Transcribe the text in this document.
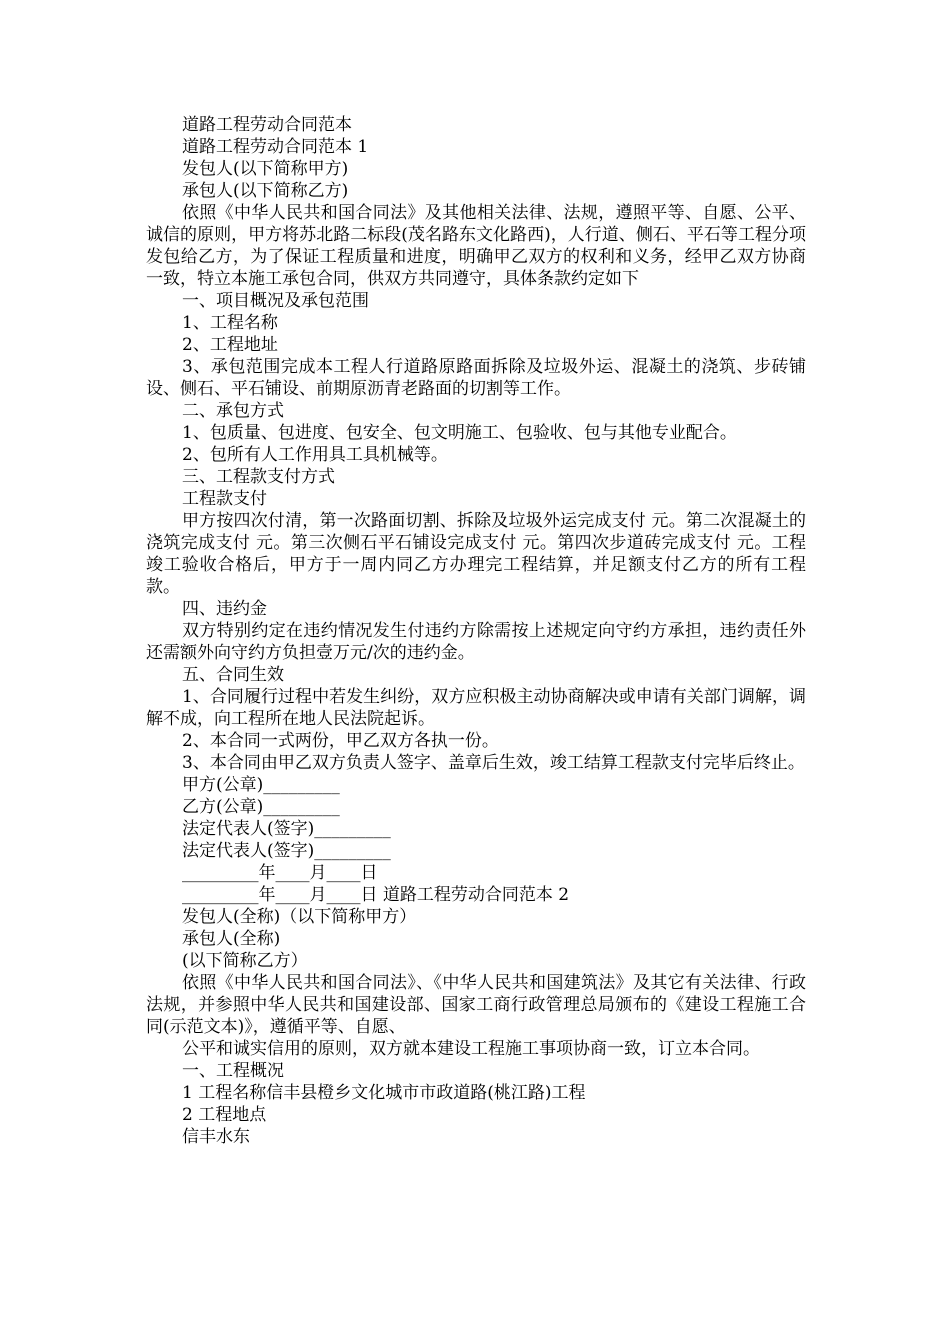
道路工程劳动合同范本

道路工程劳动合同范本 1

发包人(以下简称甲方)

承包人(以下简称乙方)

依照《中华人民共和国合同法》及其他相关法律、法规，遵照平等、自愿、公平、诚信的原则，甲方将苏北路二标段(茂名路东文化路西)，人行道、侧石、平石等工程分项发包给乙方，为了保证工程质量和进度，明确甲乙双方的权利和义务，经甲乙双方协商一致，特立本施工承包合同，供双方共同遵守，具体条款约定如下

一、项目概况及承包范围

1、工程名称

2、工程地址

3、承包范围完成本工程人行道路原路面拆除及垃圾外运、混凝土的浇筑、步砖铺设、侧石、平石铺设、前期原沥青老路面的切割等工作。

二、承包方式

1、包质量、包进度、包安全、包文明施工、包验收、包与其他专业配合。

2、包所有人工作用具工具机械等。

三、工程款支付方式

工程款支付

甲方按四次付清，第一次路面切割、拆除及垃圾外运完成支付 元。第二次混凝土的浇筑完成支付 元。第三次侧石平石铺设完成支付 元。第四次步道砖完成支付 元。工程竣工验收合格后，甲方于一周内同乙方办理完工程结算，并足额支付乙方的所有工程款。

四、违约金

双方特别约定在违约情况发生付违约方除需按上述规定向守约方承担，违约责任外还需额外向守约方负担壹万元/次的违约金。

五、合同生效

1、合同履行过程中若发生纠纷，双方应积极主动协商解决或申请有关部门调解，调解不成，向工程所在地人民法院起诉。

2、本合同一式两份，甲乙双方各执一份。

3、本合同由甲乙双方负责人签字、盖章后生效，竣工结算工程款支付完毕后终止。

甲方(公章)_________

乙方(公章)_________

法定代表人(签字)_________

法定代表人(签字)_________

_________年____月____日

_________年____月____日 道路工程劳动合同范本 2

发包人(全称)（以下简称甲方）

承包人(全称)

(以下简称乙方）

依照《中华人民共和国合同法》、《中华人民共和国建筑法》及其它有关法律、行政法规，并参照中华人民共和国建设部、国家工商行政管理总局颁布的《建设工程施工合同(示范文本)》，遵循平等、自愿、

公平和诚实信用的原则，双方就本建设工程施工事项协商一致，订立本合同。

一、工程概况

1 工程名称信丰县橙乡文化城市市政道路(桃江路)工程

2 工程地点

信丰水东
